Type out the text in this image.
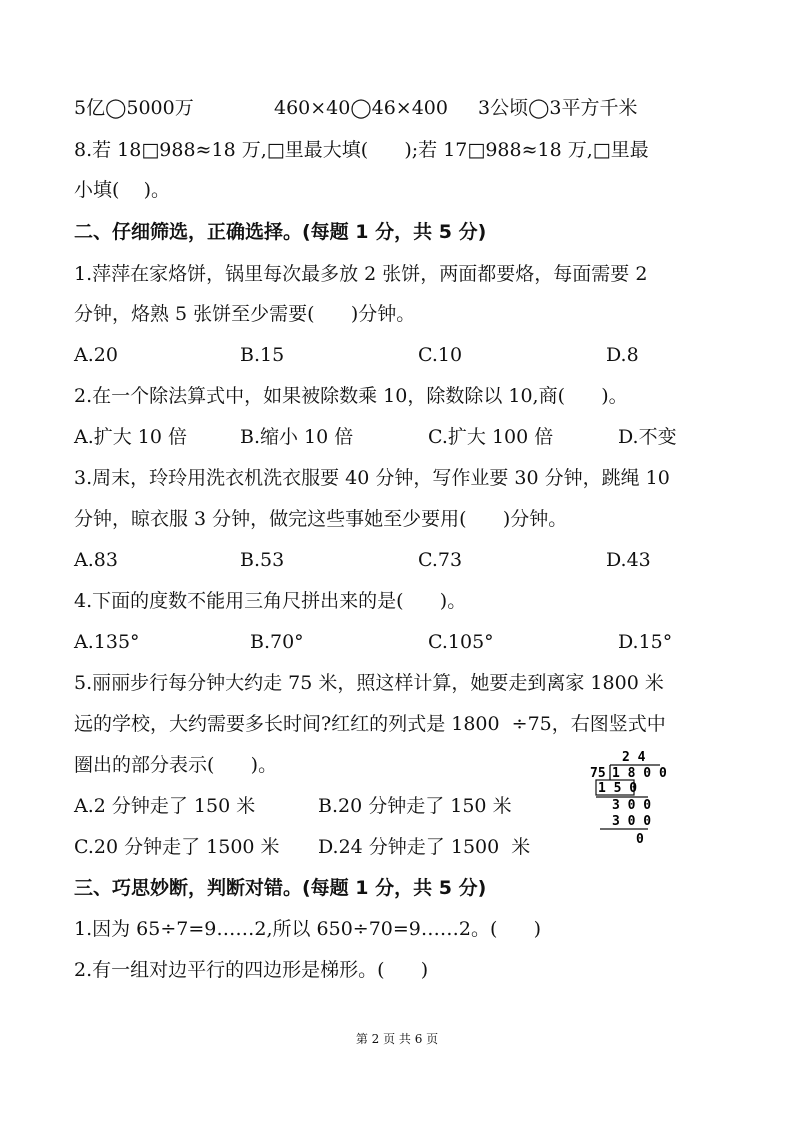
5亿◯5000万	460×40◯46×400 3公顷◯3平方千米
8.若 18□988≈18 万,□里最大填(      );若 17□988≈18 万,□里最
小填(    )。
二、仔细筛选，正确选择。(每题 1 分，共 5 分)
1.萍萍在家烙饼，锅里每次最多放 2 张饼，两面都要烙，每面需要 2
分钟，烙熟 5 张饼至少需要(      )分钟。
A.20	B.15	C.10	D.8
2.在一个除法算式中，如果被除数乘 10，除数除以 10,商(      )。
A.扩大 10 倍	B.缩小 10 倍	C.扩大 100 倍	D.不变
3.周末，玲玲用洗衣机洗衣服要 40 分钟，写作业要 30 分钟，跳绳 10
分钟，晾衣服 3 分钟，做完这些事她至少要用(      )分钟。
A.83	B.53	C.73	D.43
4.下面的度数不能用三角尺拼出来的是(      )。
A.135°	B.70°	C.105°	D.15°
5.丽丽步行每分钟大约走 75 米，照这样计算，她要走到离家 1800 米
远的学校，大约需要多长时间?红红的列式是 1800  ÷75，右图竖式中
圈出的部分表示(      )。
A.2 分钟走了 150 米	B.20 分钟走了 150 米
C.20 分钟走了 1500 米 D.24 分钟走了 1500  米
2 4
75 1 8 0 0
1 5 0
3 0 0
3 0 0
0
三、巧思妙断，判断对错。(每题 1 分，共 5 分)
1.因为 65÷7=9……2,所以 650÷70=9……2。(      )
2.有一组对边平行的四边形是梯形。(      )
第 2 页 共 6 页
